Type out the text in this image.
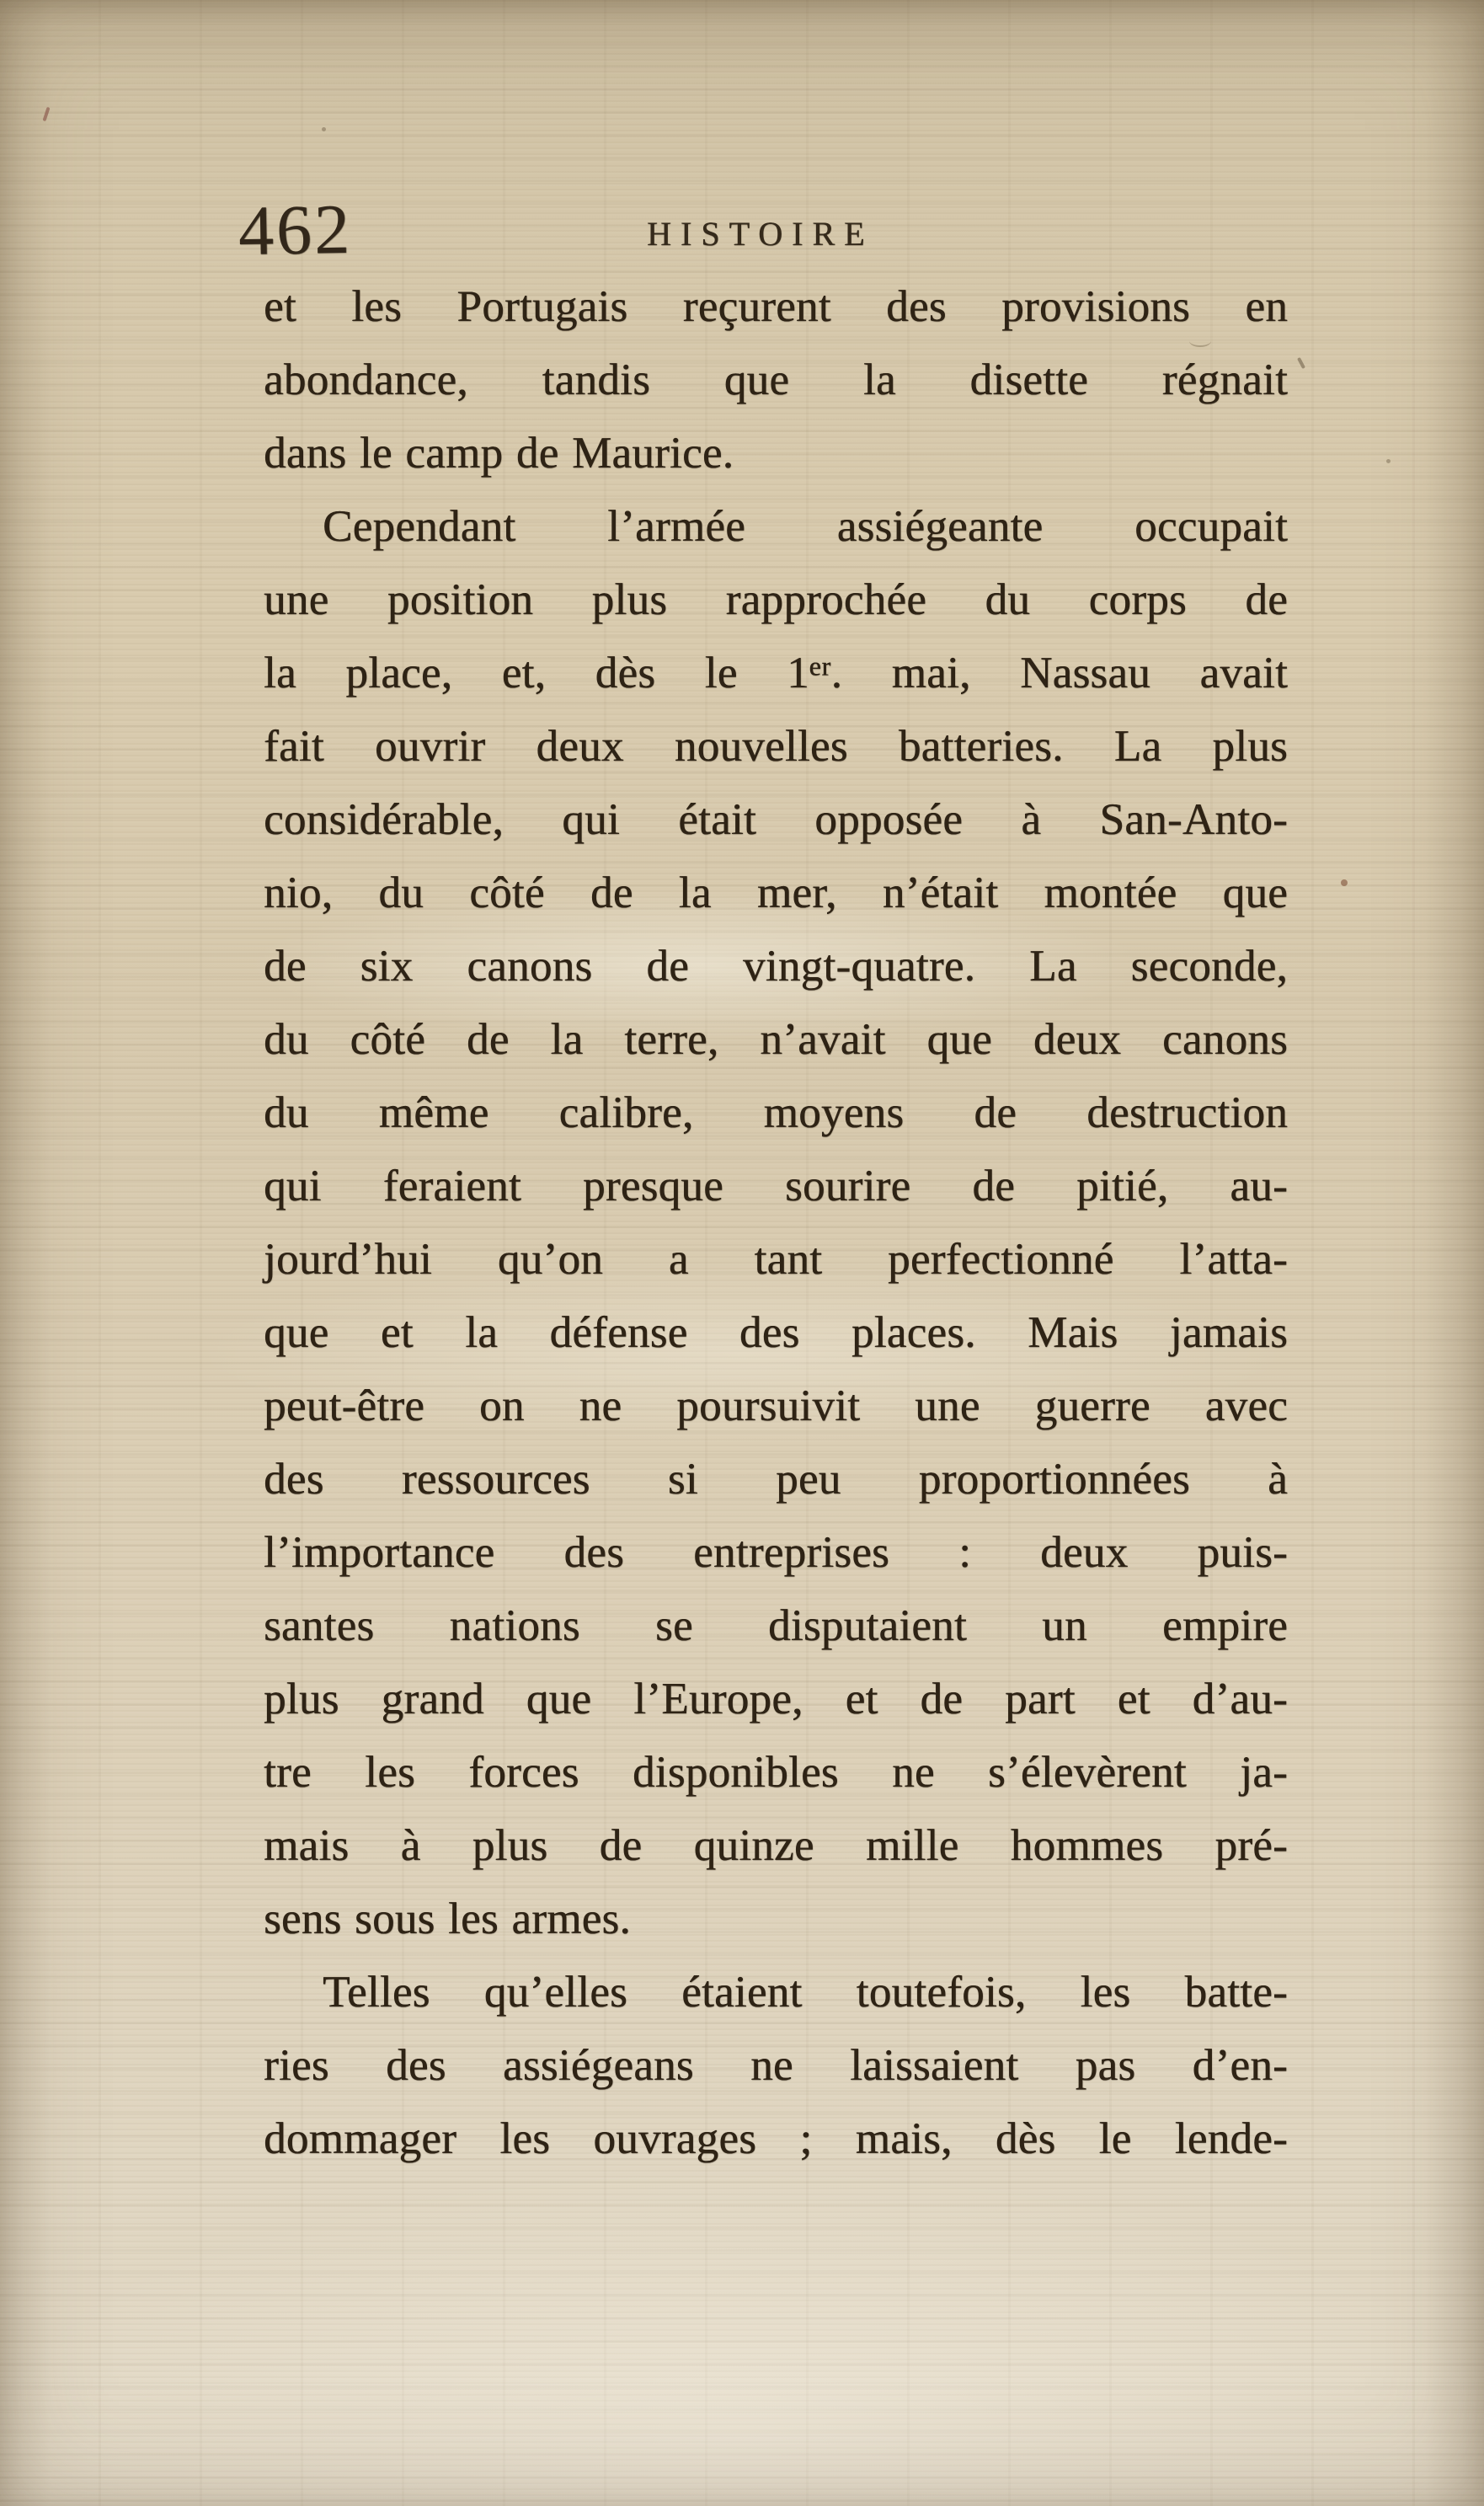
462	HISTOIRE
et les Portugais reçurent des provisions en
abondance, tandis que la disette régnait
dans le camp de Maurice.
Cependant l’armée assiégeante occupait
une position plus rapprochée du corps de
la place, et, dès le 1ᵉʳ. mai, Nassau avait
fait ouvrir deux nouvelles batteries. La plus
considérable, qui était opposée à San-Anto-
nio, du côté de la mer, n’était montée que
de six canons de vingt-quatre. La seconde,
du côté de la terre, n’avait que deux canons
du même calibre, moyens de destruction
qui feraient presque sourire de pitié, au-
jourd’hui qu’on a tant perfectionné l’atta-
que et la défense des places. Mais jamais
peut-être on ne poursuivit une guerre avec
des ressources si peu proportionnées à
l’importance des entreprises : deux puis-
santes nations se disputaient un empire
plus grand que l’Europe, et de part et d’au-
tre les forces disponibles ne s’élevèrent ja-
mais à plus de quinze mille hommes pré-
sens sous les armes.
Telles qu’elles étaient toutefois, les batte-
ries des assiégeans ne laissaient pas d’en-
dommager les ouvrages ; mais, dès le lende-
